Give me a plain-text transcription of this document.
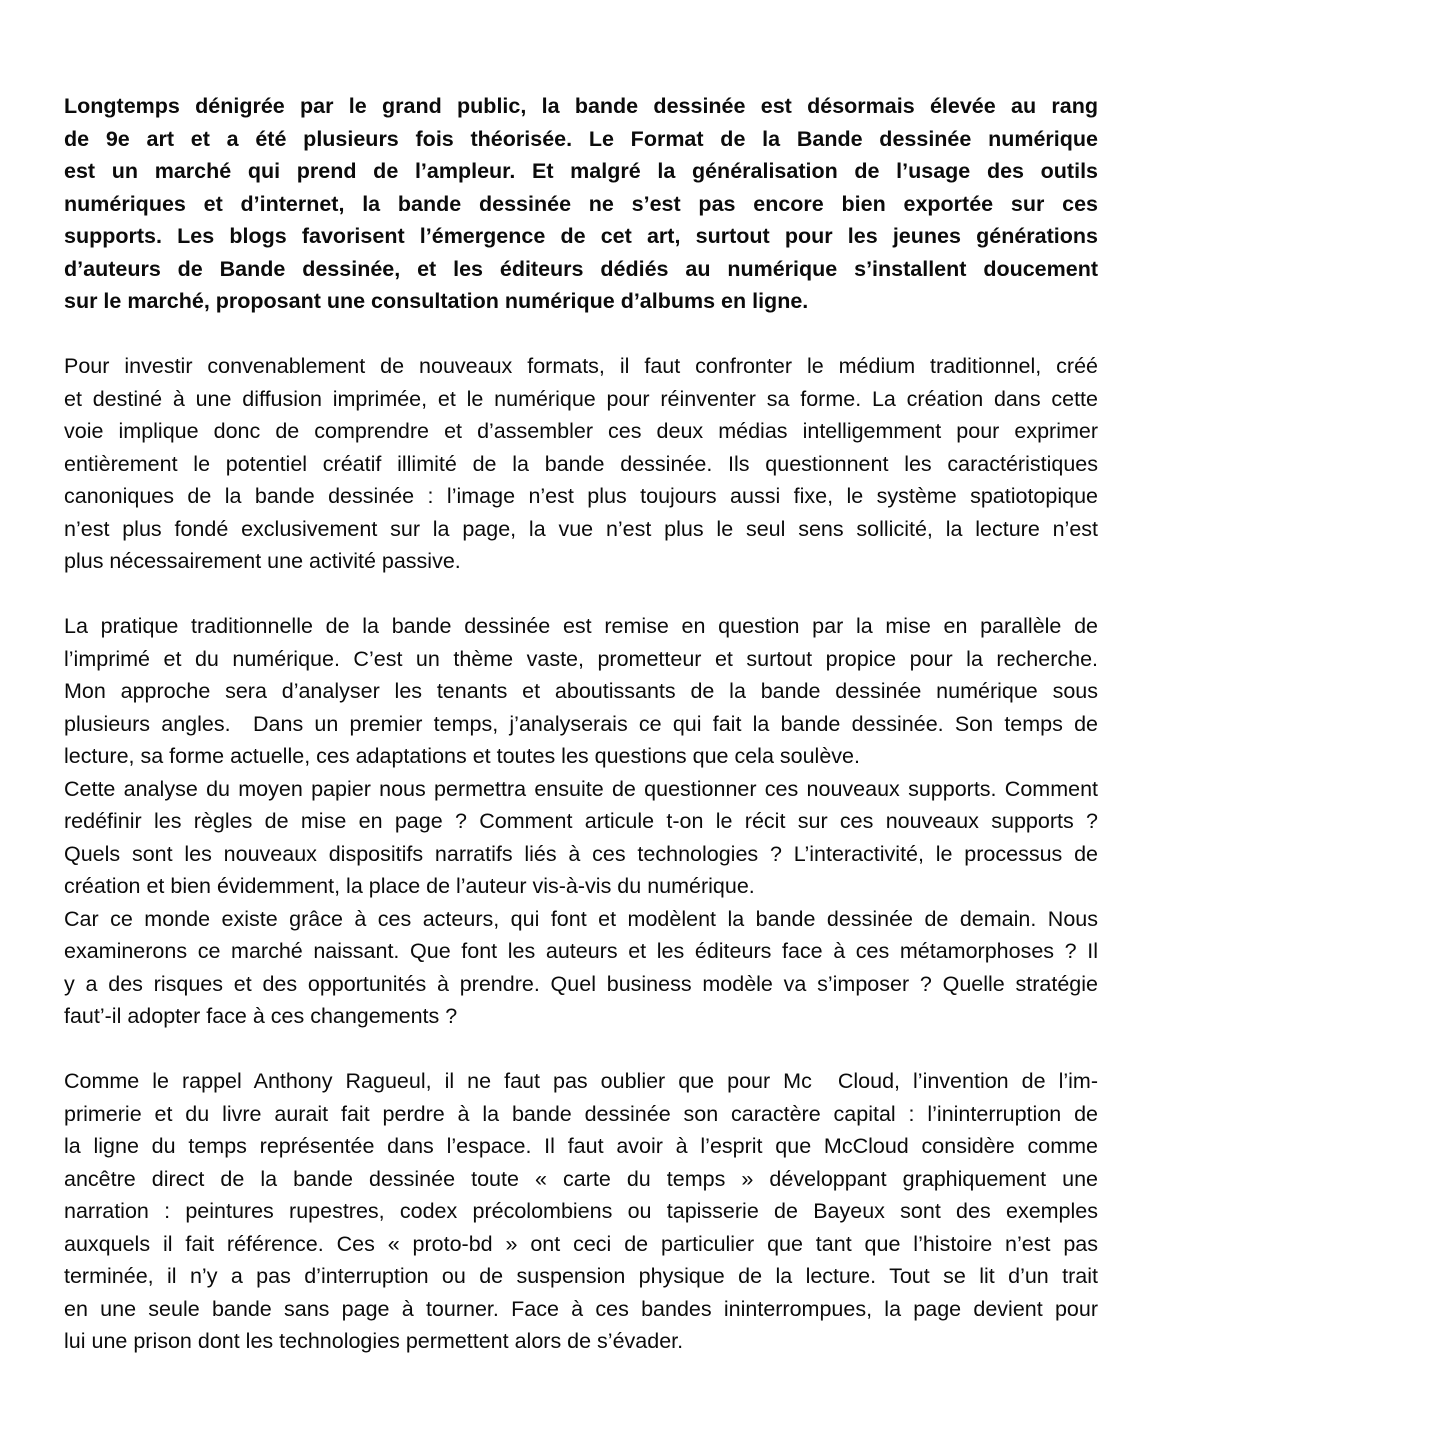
Longtemps dénigrée par le grand public, la bande dessinée est désormais élevée au rang
de 9e art et a été plusieurs fois théorisée. Le Format de la Bande dessinée numérique
est un marché qui prend de l’ampleur. Et malgré la généralisation de l’usage des outils
numériques et d’internet, la bande dessinée ne s’est pas encore bien exportée sur ces
supports. Les blogs favorisent l’émergence de cet art, surtout pour les jeunes générations
d’auteurs de Bande dessinée, et les éditeurs dédiés au numérique s’installent doucement
sur le marché, proposant une consultation numérique d’albums en ligne.
Pour investir convenablement de nouveaux formats, il faut confronter le médium traditionnel, créé
et destiné à une diffusion imprimée, et le numérique pour réinventer sa forme. La création dans cette
voie implique donc de comprendre et d’assembler ces deux médias intelligemment pour exprimer
entièrement le potentiel créatif illimité de la bande dessinée. Ils questionnent les caractéristiques
canoniques de la bande dessinée : l’image n’est plus toujours aussi fixe, le système spatiotopique
n’est plus fondé exclusivement sur la page, la vue n’est plus le seul sens sollicité, la lecture n’est
plus nécessairement une activité passive.
La pratique traditionnelle de la bande dessinée est remise en question par la mise en parallèle de
l’imprimé et du numérique. C’est un thème vaste, prometteur et surtout propice pour la recherche.
Mon approche sera d’analyser les tenants et aboutissants de la bande dessinée numérique sous
plusieurs angles.  Dans un premier temps, j’analyserais ce qui fait la bande dessinée. Son temps de
lecture, sa forme actuelle, ces adaptations et toutes les questions que cela soulève.
Cette analyse du moyen papier nous permettra ensuite de questionner ces nouveaux supports. Comment
redéfinir les règles de mise en page ? Comment articule t-on le récit sur ces nouveaux supports ?
Quels sont les nouveaux dispositifs narratifs liés à ces technologies ? L’interactivité, le processus de
création et bien évidemment, la place de l’auteur vis-à-vis du numérique.
Car ce monde existe grâce à ces acteurs, qui font et modèlent la bande dessinée de demain. Nous
examinerons ce marché naissant. Que font les auteurs et les éditeurs face à ces métamorphoses ? Il
y a des risques et des opportunités à prendre. Quel business modèle va s’imposer ? Quelle stratégie
faut’-il adopter face à ces changements ?
Comme le rappel Anthony Ragueul, il ne faut pas oublier que pour Mc  Cloud, l’invention de l’im-
primerie et du livre aurait fait perdre à la bande dessinée son caractère capital : l’ininterruption de
la ligne du temps représentée dans l’espace. Il faut avoir à l’esprit que McCloud considère comme
ancêtre direct de la bande dessinée toute « carte du temps » développant graphiquement une
narration : peintures rupestres, codex précolombiens ou tapisserie de Bayeux sont des exemples
auxquels il fait référence. Ces « proto-bd » ont ceci de particulier que tant que l’histoire n’est pas
terminée, il n’y a pas d’interruption ou de suspension physique de la lecture. Tout se lit d’un trait
en une seule bande sans page à tourner. Face à ces bandes ininterrompues, la page devient pour
lui une prison dont les technologies permettent alors de s’évader.
